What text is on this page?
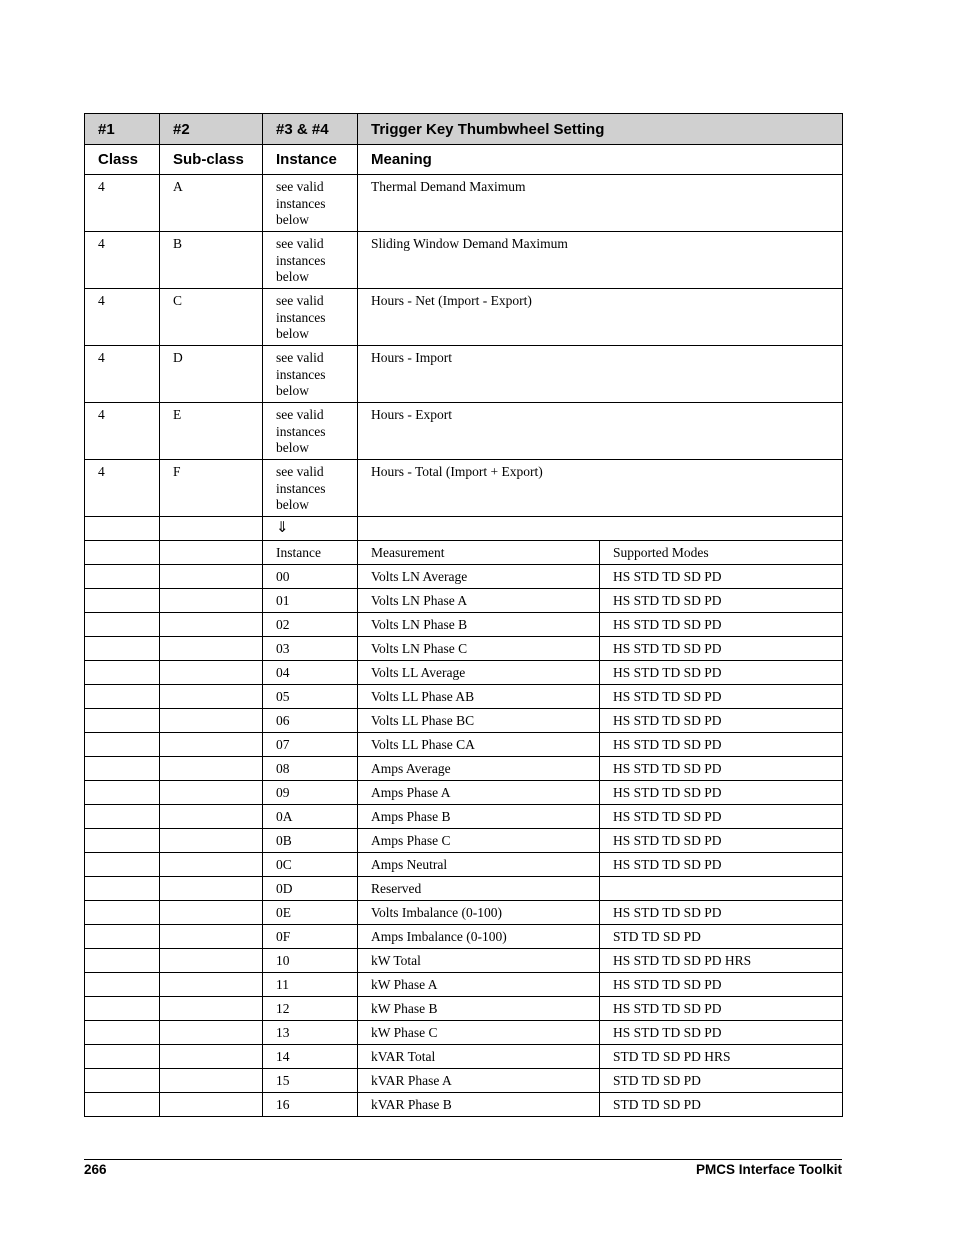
#1	#2	#3 & #4	Trigger Key Thumbwheel Setting	
Class	Sub-class	Instance	Meaning	
4	A	see valid instances below	Thermal Demand Maximum	
4	B	see valid instances below	Sliding Window Demand Maximum	
4	C	see valid instances below	Hours - Net (Import - Export)	
4	D	see valid instances below	Hours - Import	
4	E	see valid instances below	Hours - Export	
4	F	see valid instances below	Hours - Total (Import + Export)	
		⇓		
		Instance	Measurement	Supported Modes
		00	Volts LN Average	HS STD TD SD PD
		01	Volts LN Phase A	HS STD TD SD PD
		02	Volts LN Phase B	HS STD TD SD PD
		03	Volts LN Phase C	HS STD TD SD PD
		04	Volts LL Average	HS STD TD SD PD
		05	Volts LL Phase AB	HS STD TD SD PD
		06	Volts LL Phase BC	HS STD TD SD PD
		07	Volts LL Phase CA	HS STD TD SD PD
		08	Amps Average	HS STD TD SD PD
		09	Amps Phase A	HS STD TD SD PD
		0A	Amps Phase B	HS STD TD SD PD
		0B	Amps Phase C	HS STD TD SD PD
		0C	Amps Neutral	HS STD TD SD PD
		0D	Reserved	
		0E	Volts Imbalance (0-100)	HS STD TD SD PD
		0F	Amps Imbalance (0-100)	STD TD SD PD
		10	kW Total	HS STD TD SD PD HRS
		11	kW Phase A	HS STD TD SD PD
		12	kW Phase B	HS STD TD SD PD
		13	kW Phase C	HS STD TD SD PD
		14	kVAR Total	STD TD SD PD HRS
		15	kVAR Phase A	STD TD SD PD
		16	kVAR Phase B	STD TD SD PD
266	PMCS Interface Toolkit
